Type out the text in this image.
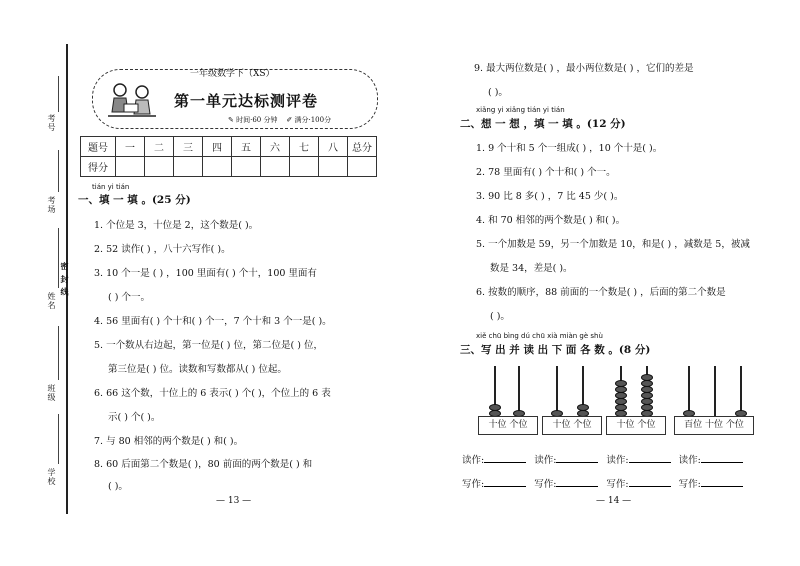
考号
考场
姓名
密 封 线
班级
学校
一年级数学下（XS）
第一单元达标测评卷
✎ 时间·60 分钟 ✐ 满分·100分
题号	一	二	三	四	五	六	七	八	总分
得分									
tián yi tián
一、填 一 填 。(25 分)
1. 个位是 3，十位是 2，这个数是( )。
2. 52 读作( ) ，八十六写作( )。
3. 10 个一是 ( ) ，100 里面有( ) 个十，100 里面有
( ) 个一。
4. 56 里面有( ) 个十和( ) 个一，7 个十和 3 个一是( )。
5. 一个数从右边起，第一位是( ) 位，第二位是( ) 位，
第三位是( ) 位。读数和写数都从( ) 位起。
6. 66 这个数，十位上的 6 表示( ) 个( )，个位上的 6 表
示( ) 个( )。
7. 与 80 相邻的两个数是( ) 和( )。
8. 60 后面第二个数是( )，80 前面的两个数是( ) 和
( )。
— 13 —
9. 最大两位数是( ) ，最小两位数是( ) ，它们的差是
( )。
xiǎng yi xiǎng tián yi tián
二、想 一 想 ，填 一 填 。(12 分)
1. 9 个十和 5 个一组成( ) ，10 个十是( )。
2. 78 里面有( ) 个十和( ) 个一。
3. 90 比 8 多( ) ，7 比 45 少( )。
4. 和 70 相邻的两个数是( ) 和( )。
5. 一个加数是 59，另一个加数是 10，和是( ) ，减数是 5，被减
数是 34，差是( )。
6. 按数的顺序，88 前面的一个数是( ) ，后面的第二个数是
( )。
xiě chū bìng dú chū xià miàn gè shù
三、写 出 并 读 出 下 面 各 数 。(8 分)
十位 个位	十位 个位	十位 个位	百位 十位 个位
读作:	读作:	读作:	读作:
写作:	写作:	写作:	写作:
— 14 —
